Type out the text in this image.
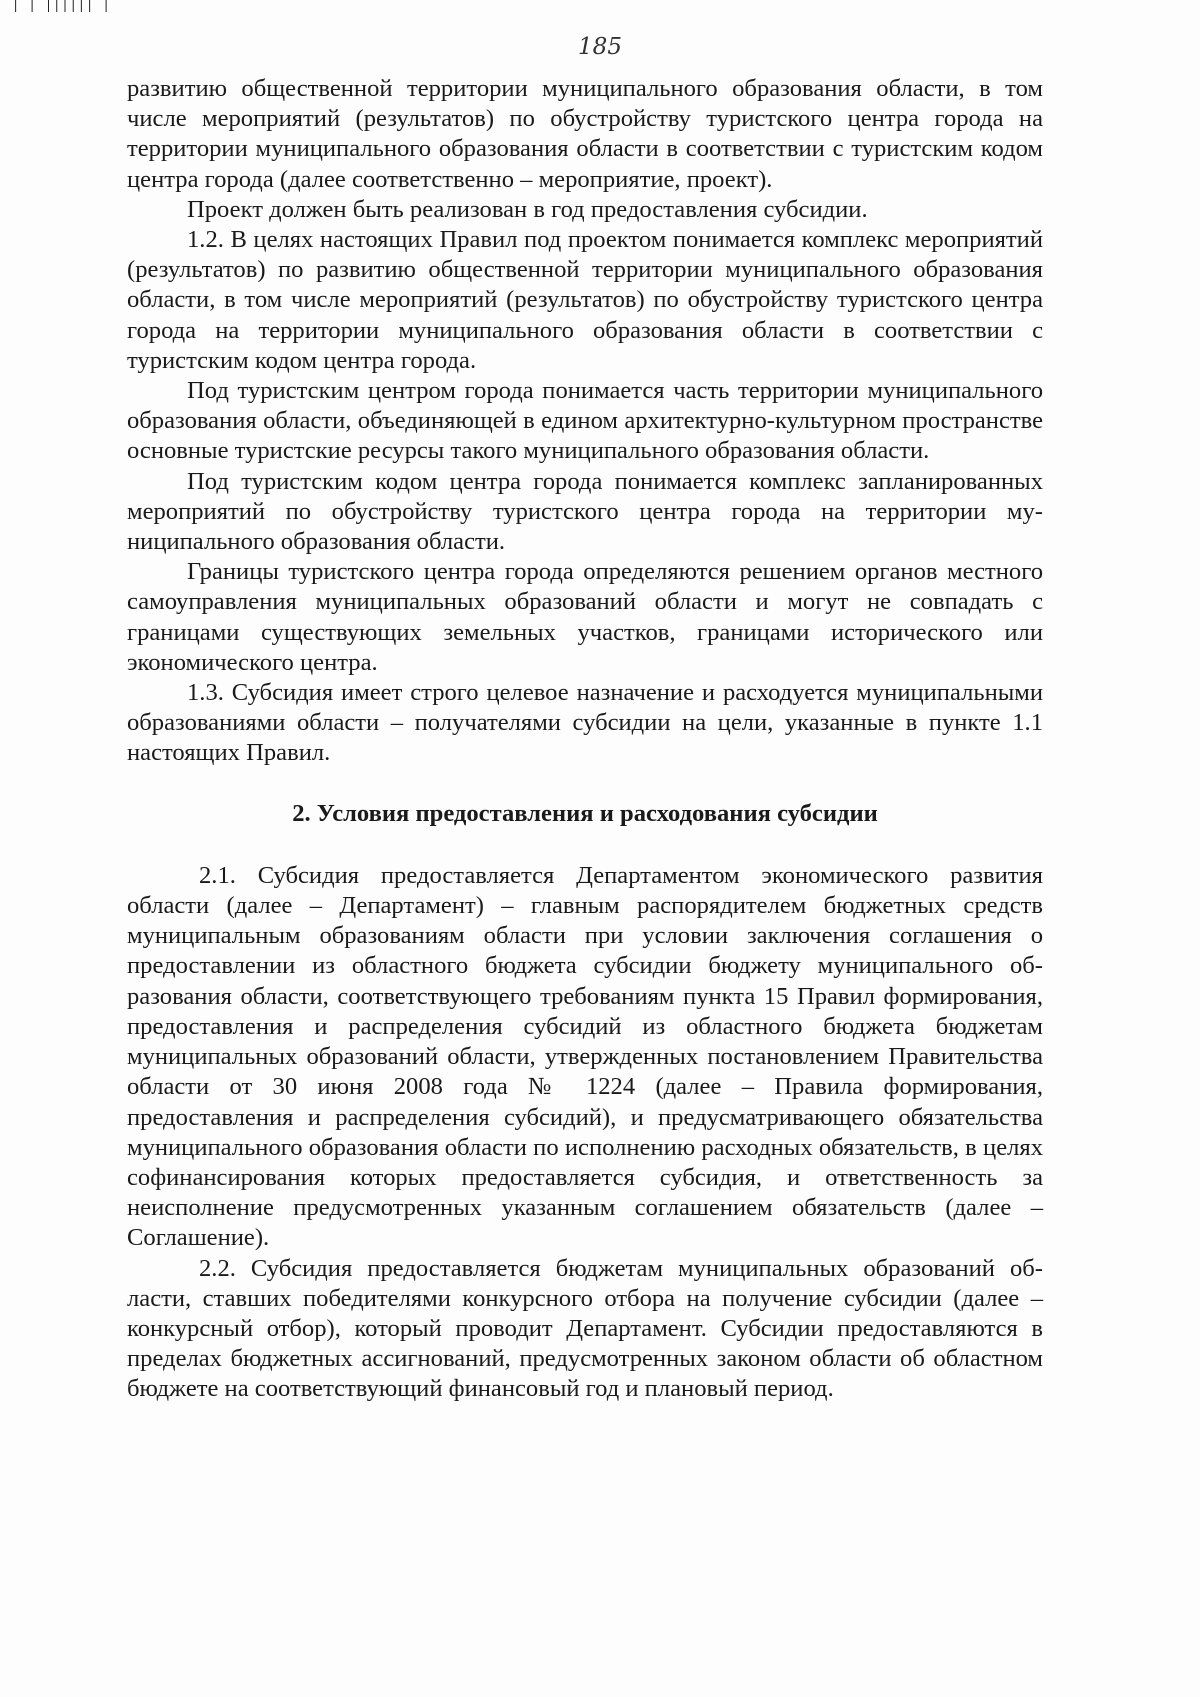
| | |||||| |
185

развитию общественной территории муниципального образования области, в том числе мероприятий (результатов) по обустройству туристского центра города на территории муниципального образования области в соответствии с туристским кодом центра города (далее соответственно – мероприятие, проект).

Проект должен быть реализован в год предоставления субсидии.

1.2. В целях настоящих Правил под проектом понимается комплекс мероприятий (результатов) по развитию общественной территории муниципального образования области, в том числе мероприятий (результатов) по обустройству туристского центра города на территории муниципального образования области в соответствии с туристским кодом центра города.

Под туристским центром города понимается часть территории муниципального образования области, объединяющей в едином архитектурно-культурном пространстве основные туристские ресурсы такого муниципального образования области.

Под туристским кодом центра города понимается комплекс запланированных мероприятий по обустройству туристского центра города на территории муниципального образования области.

Границы туристского центра города определяются решением органов местного самоуправления муниципальных образований области и могут не совпадать с границами существующих земельных участков, границами исторического или экономического центра.

1.3. Субсидия имеет строго целевое назначение и расходуется муниципальными образованиями области – получателями субсидии на цели, указанные в пункте 1.1 настоящих Правил.

2. Условия предоставления и расходования субсидии

2.1. Субсидия предоставляется Департаментом экономического развития области (далее – Департамент) – главным распорядителем бюджетных средств муниципальным образованиям области при условии заключения соглашения о предоставлении из областного бюджета субсидии бюджету муниципального образования области, соответствующего требованиям пункта 15 Правил формирования, предоставления и распределения субсидий из областного бюджета бюджетам муниципальных образований области, утвержденных постановлением Правительства области от 30 июня 2008 года № 1224 (далее – Правила формирования, предоставления и распределения субсидий), и предусматривающего обязательства муниципального образования области по исполнению расходных обязательств, в целях софинансирования которых предоставляется субсидия, и ответственность за неисполнение предусмотренных указанным соглашением обязательств (далее – Соглашение).

2.2. Субсидия предоставляется бюджетам муниципальных образований области, ставших победителями конкурсного отбора на получение субсидии (далее – конкурсный отбор), который проводит Департамент. Субсидии предоставляются в пределах бюджетных ассигнований, предусмотренных законом области об областном бюджете на соответствующий финансовый год и плановый период.
